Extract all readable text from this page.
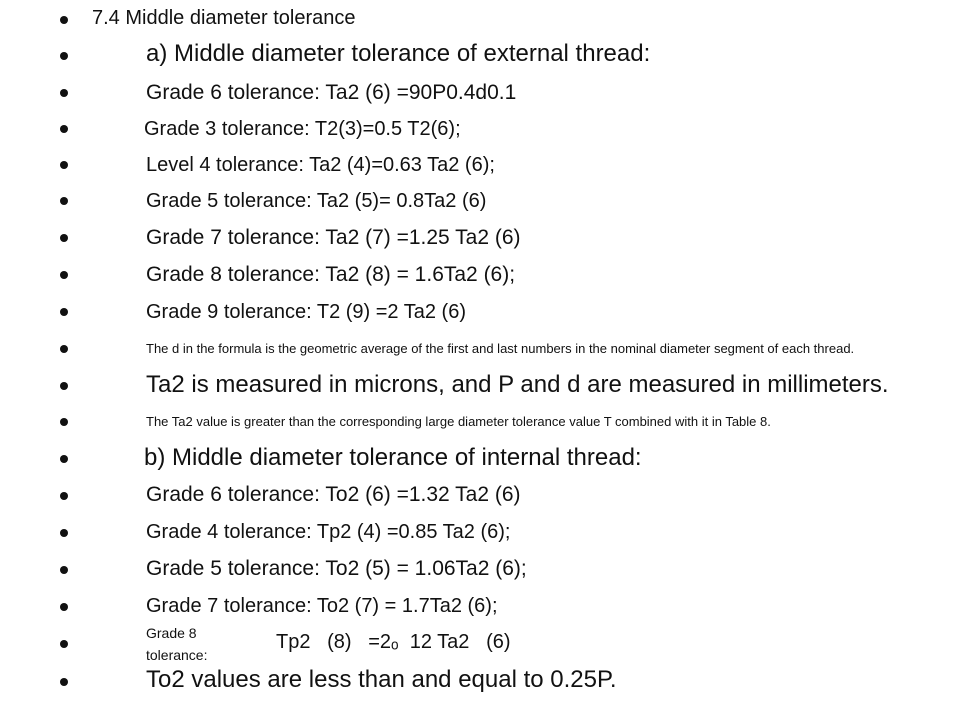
7.4 Middle diameter tolerance
a) Middle diameter tolerance of external thread:
Grade 6 tolerance: Ta2 (6) =90P0.4d0.1
Grade 3 tolerance: T2(3)=0.5 T2(6);
Level 4 tolerance: Ta2 (4)=0.63 Ta2 (6);
Grade 5 tolerance: Ta2 (5)= 0.8Ta2 (6)
Grade 7 tolerance: Ta2 (7) =1.25 Ta2 (6)
Grade 8 tolerance: Ta2 (8) = 1.6Ta2 (6);
Grade 9 tolerance: T2 (9) =2 Ta2 (6)
The d in the formula is the geometric average of the first and last numbers in the nominal diameter segment of each thread.
Ta2 is measured in microns, and P and d are measured in millimeters.
The Ta2 value is greater than the corresponding large diameter tolerance value T combined with it in Table 8.
b) Middle diameter tolerance of internal thread:
Grade 6 tolerance: To2 (6) =1.32 Ta2 (6)
Grade 4 tolerance: Tp2 (4) =0.85 Ta2 (6);
Grade 5 tolerance: To2 (5) = 1.06Ta2 (6);
Grade 7 tolerance: To2 (7) = 1.7Ta2 (6);
Grade 8
tolerance:
Tp2   (8)   =2ₒ  12 Ta2   (6)
To2 values are less than and equal to 0.25P.
